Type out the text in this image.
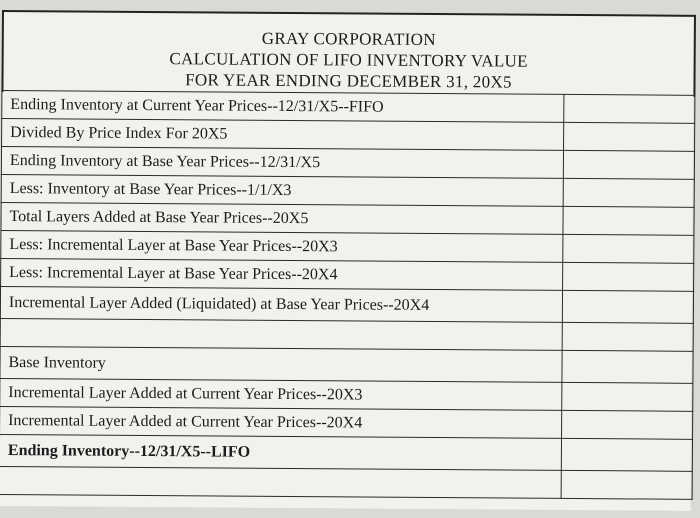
GRAY CORPORATION
CALCULATION OF LIFO INVENTORY VALUE
FOR YEAR ENDING DECEMBER 31, 20X5
Ending Inventory at Current Year Prices--12/31/X5--FIFO	
Divided By Price Index For 20X5	
Ending Inventory at Base Year Prices--12/31/X5	
Less: Inventory at Base Year Prices--1/1/X3	
Total Layers Added at Base Year Prices--20X5	
Less: Incremental Layer at Base Year Prices--20X3	
Less: Incremental Layer at Base Year Prices--20X4	
Incremental Layer Added (Liquidated) at Base Year Prices--20X4	

Base Inventory	
Incremental Layer Added at Current Year Prices--20X3	
Incremental Layer Added at Current Year Prices--20X4	
Ending Inventory--12/31/X5--LIFO	
